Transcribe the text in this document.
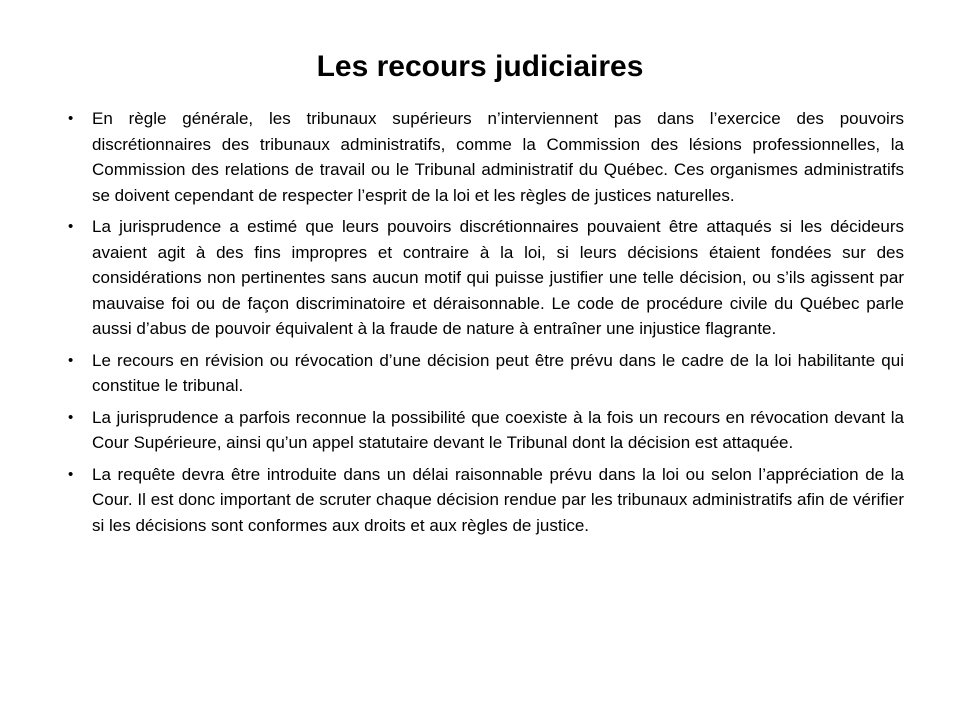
Les recours judiciaires
•	En règle générale, les tribunaux supérieurs n’interviennent pas dans l’exercice des pouvoirs discrétionnaires des tribunaux administratifs, comme la Commission des lésions professionnelles, la Commission des relations de travail ou le Tribunal administratif du Québec. Ces organismes administratifs se doivent cependant de respecter l’esprit de la loi et les règles de justices naturelles.

•	La jurisprudence a estimé que leurs pouvoirs discrétionnaires pouvaient être attaqués si les décideurs avaient agit à des fins impropres et contraire à la loi, si leurs décisions étaient fondées sur des considérations non pertinentes sans aucun motif qui puisse justifier une telle décision, ou s’ils agissent par mauvaise foi ou de façon discriminatoire et déraisonnable. Le code de procédure civile du Québec parle aussi d’abus de pouvoir équivalent à la fraude de nature à entraîner une injustice flagrante.

•	Le recours en révision ou révocation d’une décision peut être prévu dans le cadre de la loi habilitante qui constitue le tribunal.

•	La jurisprudence a parfois reconnue la possibilité que coexiste à la fois un recours en révocation devant la Cour Supérieure, ainsi qu’un appel statutaire devant le Tribunal dont la décision est attaquée.

•	La requête devra être introduite dans un délai raisonnable prévu dans la loi ou selon l’appréciation de la Cour. Il est donc important de scruter chaque décision rendue par les tribunaux administratifs afin de vérifier si les décisions sont conformes aux droits et aux règles de justice.
